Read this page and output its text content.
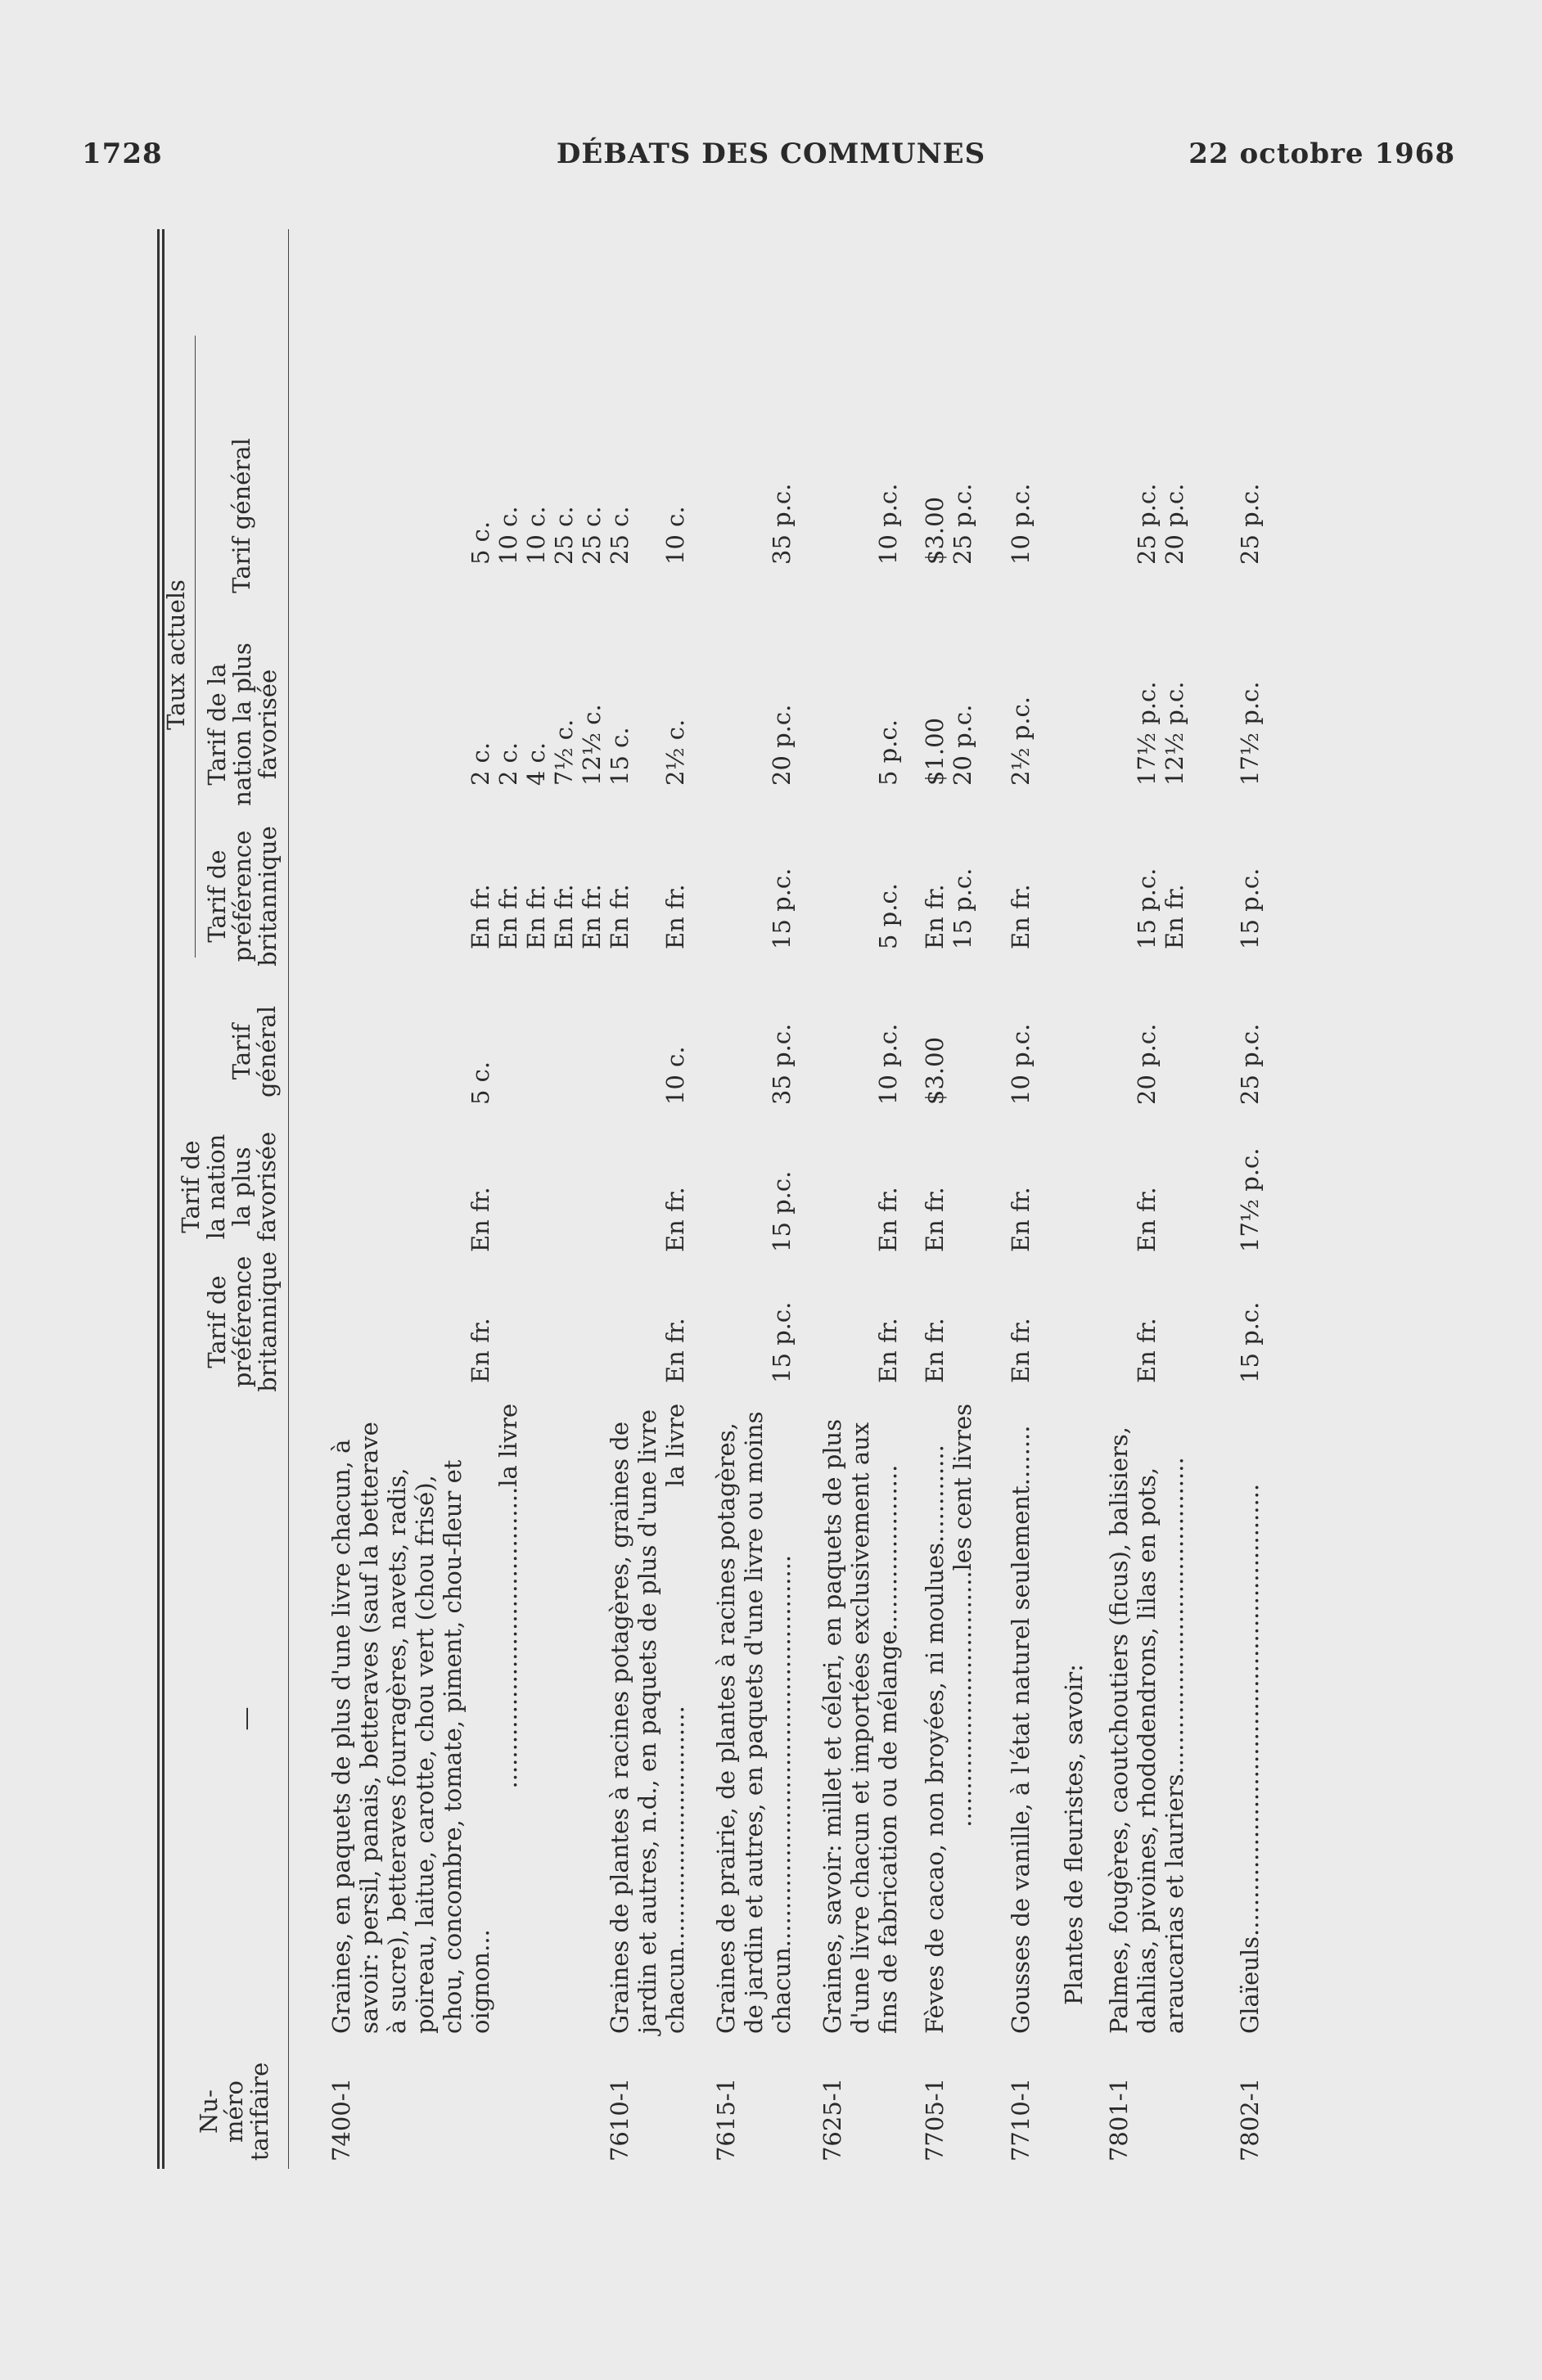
1728	DÉBATS DES COMMUNES	22 octobre 1968
Nu-
méro
tarifaire
—
Tarif de
préférence
britannique
Tarif de
la nation
la plus
favorisée
Tarif
général
Taux actuels
Tarif de
préférence
britannique
Tarif de la
nation la plus
favorisée
Tarif général
7400-1

Graines, en paquets de plus d'une livre chacun, à savoir: persil, panais, betteraves (sauf la betterave à sucre), betteraves fourragères, navets, radis, poireau, laitue, carotte, chou vert (chou frisé), chou, concombre, tomate, piment, chou-fleur et oignon...

........................................la livre

En fr.
En fr.
5 c.
En fr. En fr. En fr. En fr. En fr. En fr.
2 c. 2 c. 4 c. 7½ c. 12½ c. 15 c.
5 c. 10 c. 10 c. 25 c. 25 c. 25 c.
7610-1

Graines de plantes à racines potagères, graines de jardin et autres, n.d., en paquets de plus d'une livre chacun................................
la livre

En fr.
En fr.
10 c.
En fr.
2½ c.
10 c.
7615-1

Graines de prairie, de plantes à racines potagères, de jardin et autres, en paquets d'une livre ou moins chacun....................................................

15 p.c.
15 p.c.
35 p.c.
15 p.c.
20 p.c.
35 p.c.
7625-1

Graines, savoir: millet et céleri, en paquets de plus d'une livre chacun et importées exclusivement aux fins de fabrication ou de mélange......................

En fr.
En fr.
10 p.c.
5 p.c.
5 p.c.
10 p.c.
7705-1

Fèves de cacao, non broyées, ni moulues............. ..................................les cent livres

En fr.
En fr.
$3.00
En fr. 15 p.c.
$1.00 20 p.c.
$3.00 25 p.c.
7710-1

Gousses de vanille, à l'état naturel seulement........

En fr.
En fr.
10 p.c.
En fr.
2½ p.c.
10 p.c.
Plantes de fleuristes, savoir:
7801-1

Palmes, fougères, caoutchoutiers (ficus), balisiers, dahlias, pivoines, rhododendrons, lilas en pots, araucarias et lauriers..........................................

En fr.
En fr.
20 p.c.
15 p.c. En fr.
17½ p.c. 12½ p.c.
25 p.c. 20 p.c.
7802-1

Glaïeuls............................................................

15 p.c.
17½ p.c.
25 p.c.
15 p.c.
17½ p.c.
25 p.c.
